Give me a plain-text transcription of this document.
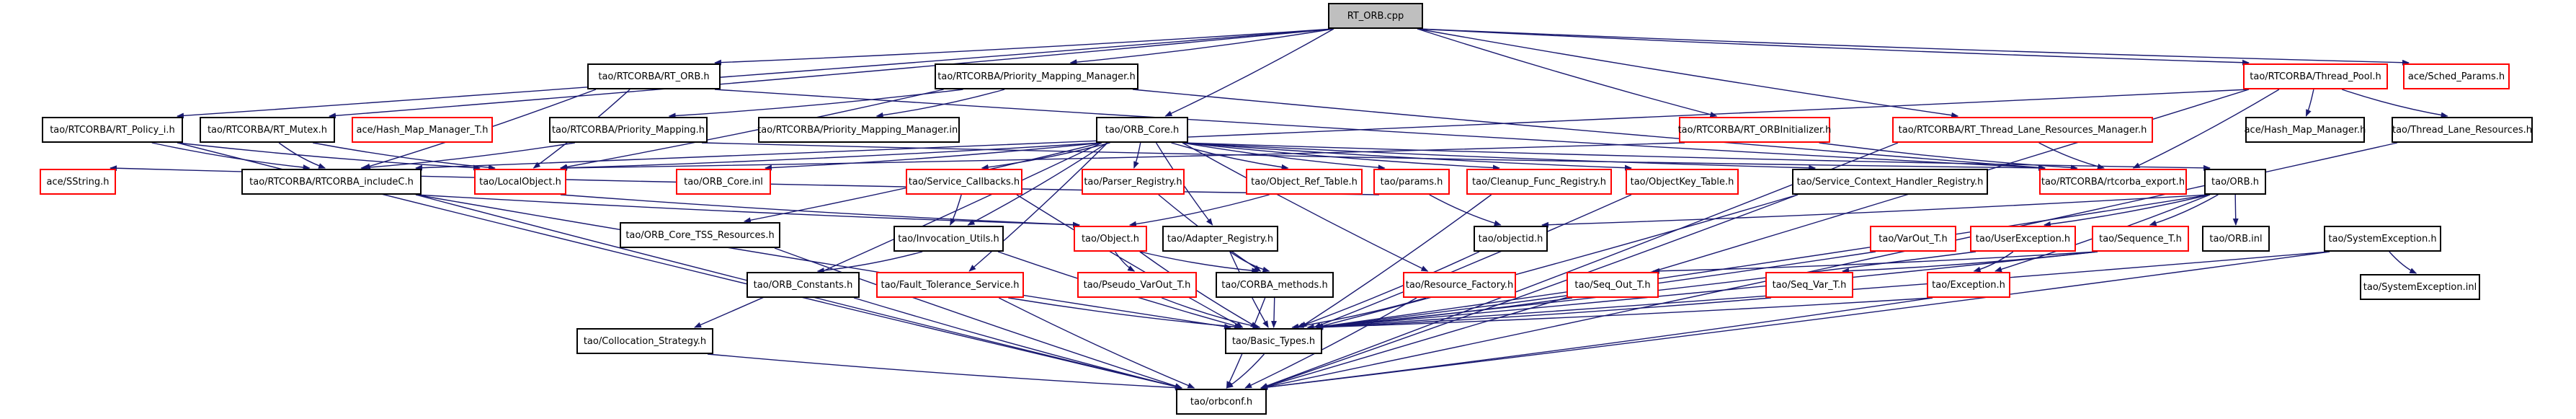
RT_ORB.cpp
tao/RTCORBA/RT_ORB.h	tao/RTCORBA/Priority_Mapping_Manager.h	tao/RTCORBA/Thread_Pool.h	ace/Sched_Params.h
tao/RTCORBA/RT_Policy_i.h	tao/RTCORBA/RT_Mutex.h	ace/Hash_Map_Manager_T.h	tao/RTCORBA/Priority_Mapping.h	tao/RTCORBA/Priority_Mapping_Manager.inl	tao/ORB_Core.h	tao/RTCORBA/RT_ORBInitializer.h	tao/RTCORBA/RT_Thread_Lane_Resources_Manager.h	ace/Hash_Map_Manager.h	tao/Thread_Lane_Resources.h
ace/SString.h	tao/RTCORBA/RTCORBA_includeC.h	tao/LocalObject.h	tao/ORB_Core.inl	tao/Service_Callbacks.h	tao/Parser_Registry.h	tao/Object_Ref_Table.h	tao/params.h	tao/Cleanup_Func_Registry.h	tao/ObjectKey_Table.h	tao/Service_Context_Handler_Registry.h	tao/RTCORBA/rtcorba_export.h	tao/ORB.h
tao/ORB_Core_TSS_Resources.h	tao/Invocation_Utils.h	tao/Object.h	tao/Adapter_Registry.h	tao/objectid.h	tao/VarOut_T.h	tao/UserException.h	tao/Sequence_T.h	tao/ORB.inl	tao/SystemException.h
tao/ORB_Constants.h	tao/Fault_Tolerance_Service.h	tao/Pseudo_VarOut_T.h	tao/CORBA_methods.h	tao/Resource_Factory.h	tao/Seq_Out_T.h	tao/Seq_Var_T.h	tao/Exception.h	tao/SystemException.inl
tao/Collocation_Strategy.h	tao/Basic_Types.h
tao/orbconf.h
